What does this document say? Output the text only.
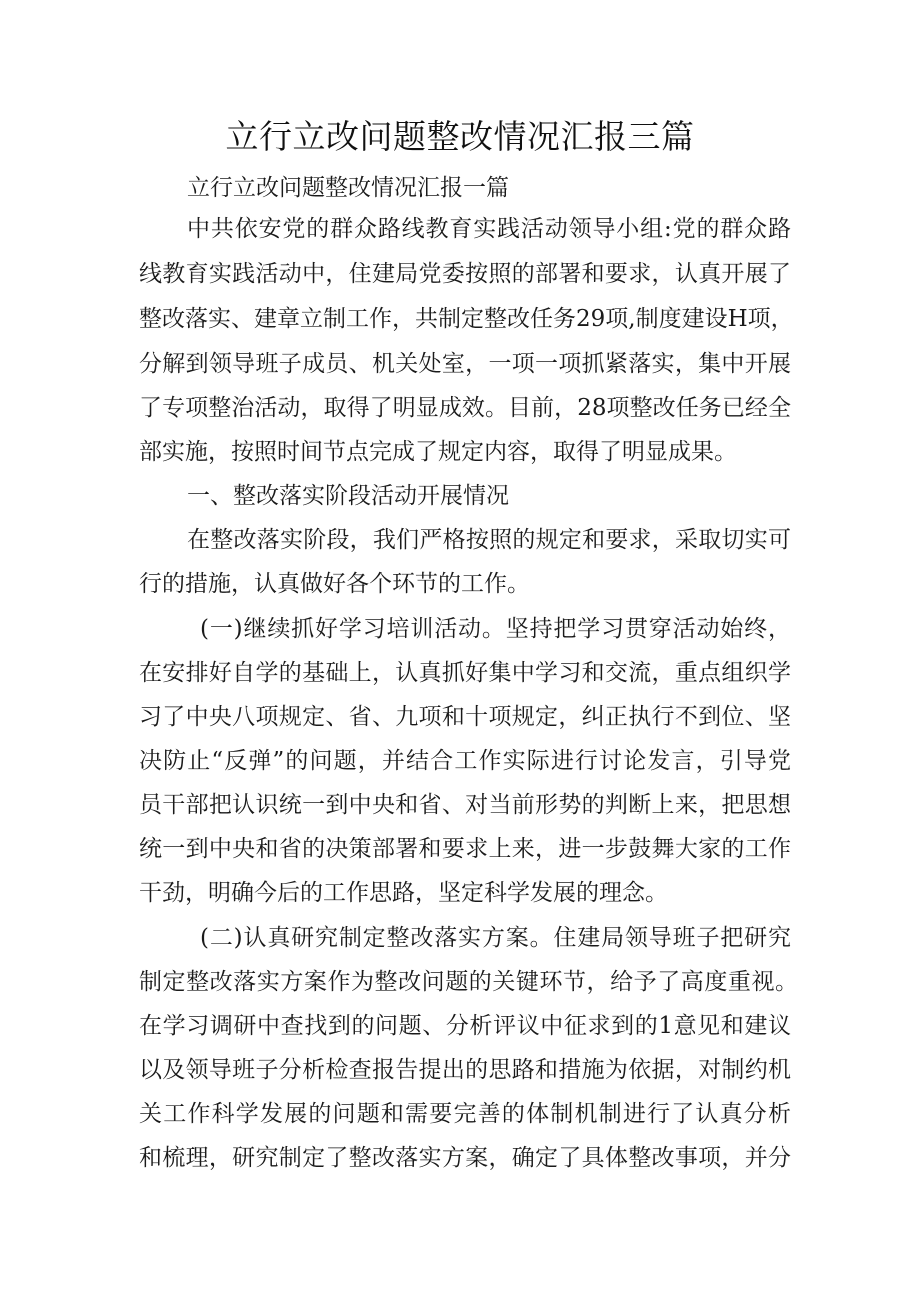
立行立改问题整改情况汇报三篇
立行立改问题整改情况汇报一篇
中共依安党的群众路线教育实践活动领导小组:党的群众路
线教育实践活动中，住建局党委按照的部署和要求，认真开展了
整改落实、建章立制工作，共制定整改任务29项,制度建设H项，
分解到领导班子成员、机关处室，一项一项抓紧落实，集中开展
了专项整治活动，取得了明显成效。目前，28项整改任务已经全
部实施，按照时间节点完成了规定内容，取得了明显成果。
一、整改落实阶段活动开展情况
在整改落实阶段，我们严格按照的规定和要求，采取切实可
行的措施，认真做好各个环节的工作。
(一)继续抓好学习培训活动。坚持把学习贯穿活动始终，
在安排好自学的基础上，认真抓好集中学习和交流，重点组织学
习了中央八项规定、省、九项和十项规定，纠正执行不到位、坚
决防止“反弹”的问题，并结合工作实际进行讨论发言，引导党
员干部把认识统一到中央和省、对当前形势的判断上来，把思想
统一到中央和省的决策部署和要求上来，进一步鼓舞大家的工作
干劲，明确今后的工作思路，坚定科学发展的理念。
(二)认真研究制定整改落实方案。住建局领导班子把研究
制定整改落实方案作为整改问题的关键环节，给予了高度重视。
在学习调研中查找到的问题、分析评议中征求到的1意见和建议
以及领导班子分析检查报告提出的思路和措施为依据，对制约机
关工作科学发展的问题和需要完善的体制机制进行了认真分析
和梳理，研究制定了整改落实方案，确定了具体整改事项，并分
